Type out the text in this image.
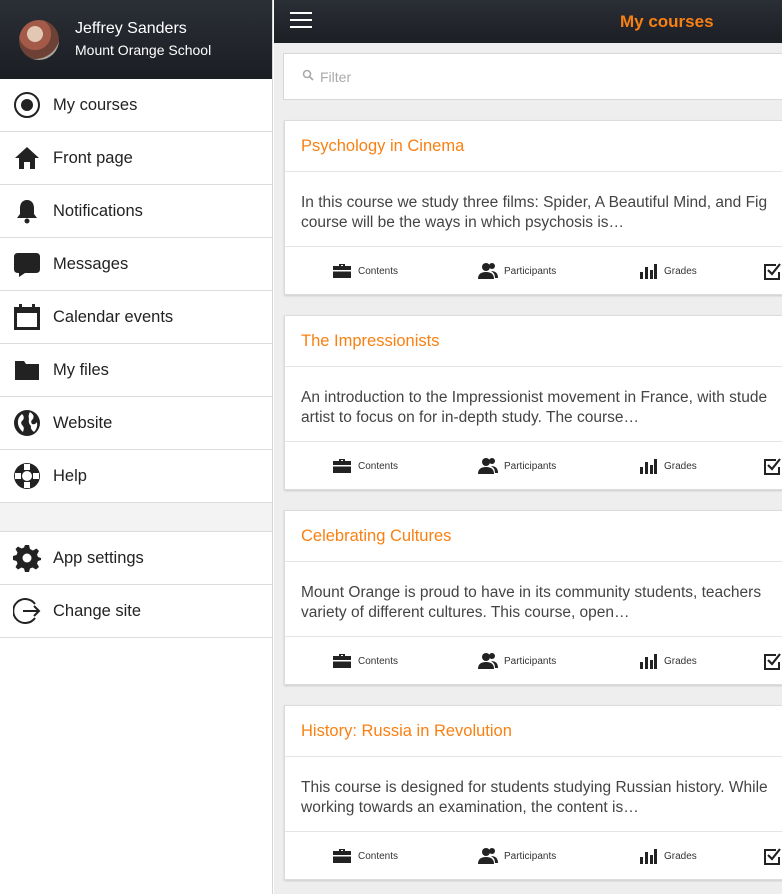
Jeffrey Sanders
Mount Orange School
My courses
Front page
Notifications
Messages
Calendar events
My files
Website
Help
App settings
Change site
My courses
Filter
Psychology in Cinema
In this course we study three films: Spider, A Beautiful Mind, and Fig
course will be the ways in which psychosis is…
Contents	Participants	Grades
The Impressionists
An introduction to the Impressionist movement in France, with stude
artist to focus on for in-depth study. The course…
Contents	Participants	Grades
Celebrating Cultures
Mount Orange is proud to have in its community students, teachers
variety of different cultures. This course, open…
Contents	Participants	Grades
History: Russia in Revolution
This course is designed for students studying Russian history. While
working towards an examination, the content is…
Contents	Participants	Grades
